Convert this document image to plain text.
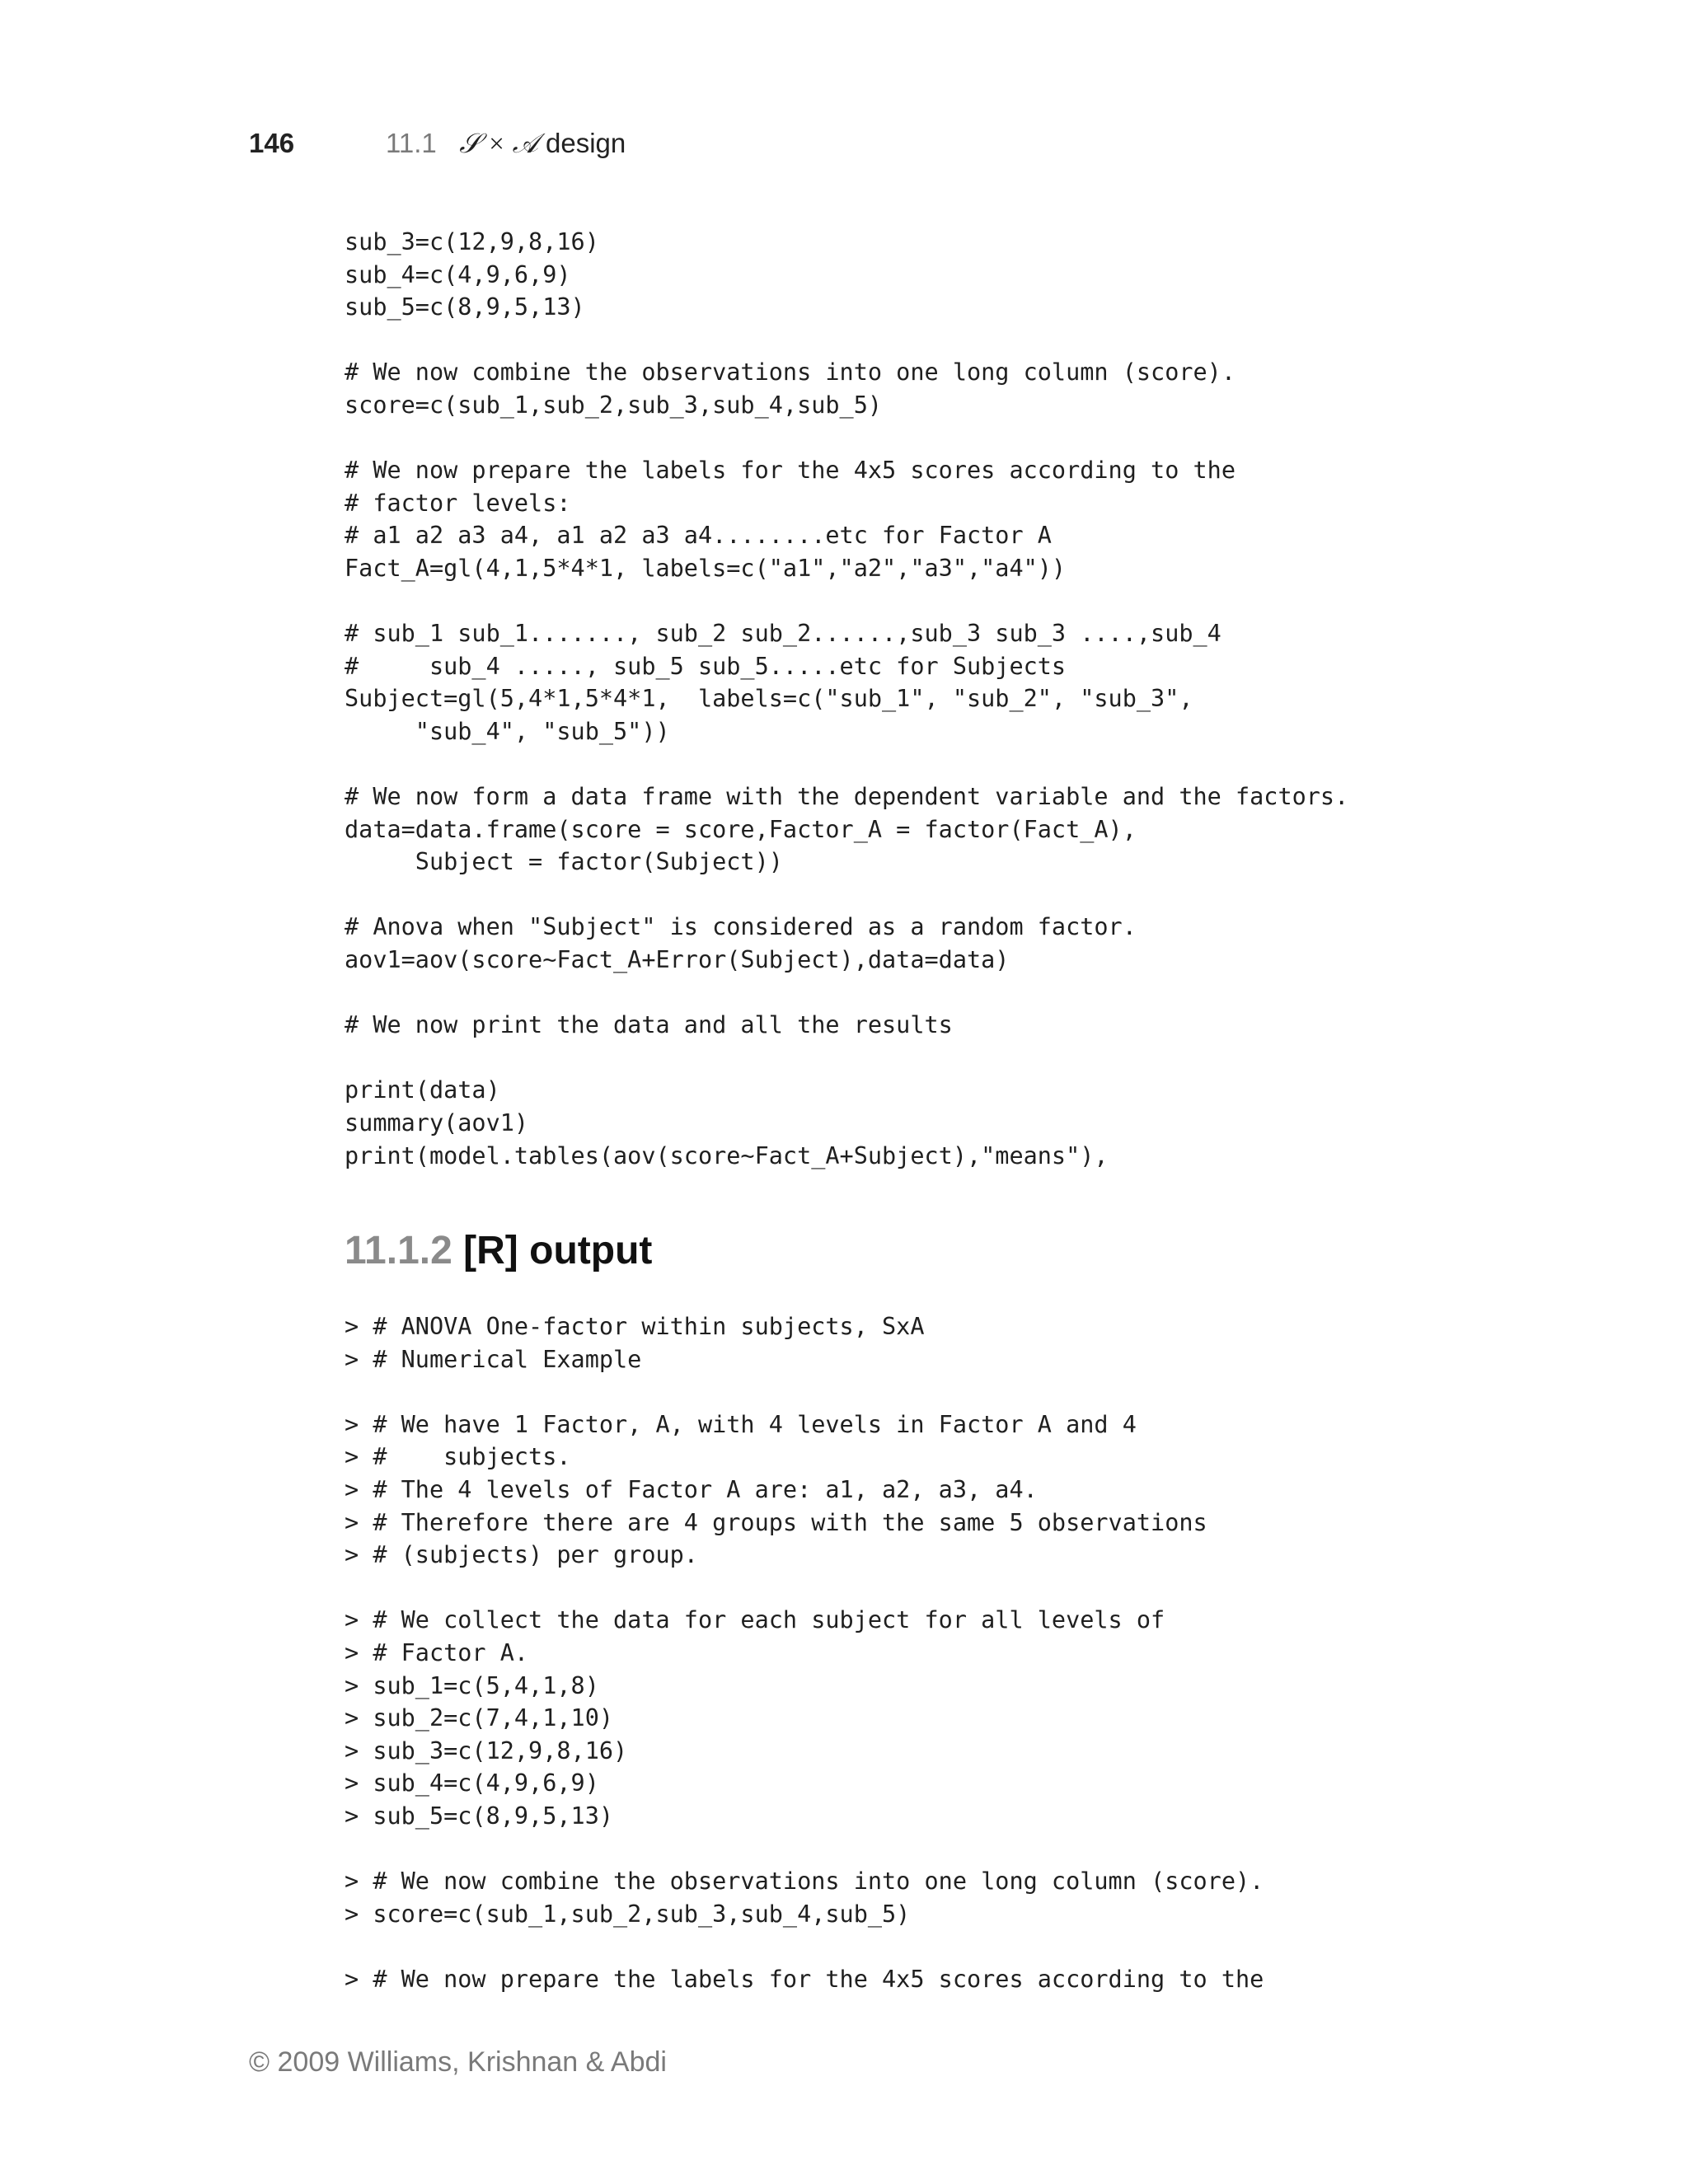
146	11.1 𝒮 × 𝒜 design
sub_3=c(12,9,8,16)
sub_4=c(4,9,6,9)
sub_5=c(8,9,5,13)
# We now combine the observations into one long column (score).
score=c(sub_1,sub_2,sub_3,sub_4,sub_5)
# We now prepare the labels for the 4x5 scores according to the
# factor levels:
# a1 a2 a3 a4, a1 a2 a3 a4........etc for Factor A
Fact_A=gl(4,1,5*4*1, labels=c("a1","a2","a3","a4"))
# sub_1 sub_1......., sub_2 sub_2......,sub_3 sub_3 ....,sub_4
#     sub_4 ....., sub_5 sub_5.....etc for Subjects
Subject=gl(5,4*1,5*4*1,  labels=c("sub_1", "sub_2", "sub_3",
"sub_4", "sub_5"))
# We now form a data frame with the dependent variable and the factors.
data=data.frame(score = score,Factor_A = factor(Fact_A),
Subject = factor(Subject))
# Anova when "Subject" is considered as a random factor.
aov1=aov(score~Fact_A+Error(Subject),data=data)
# We now print the data and all the results
print(data)
summary(aov1)
print(model.tables(aov(score~Fact_A+Subject),"means"),
11.1.2 [R] output
> # ANOVA One-factor within subjects, SxA
> # Numerical Example
> # We have 1 Factor, A, with 4 levels in Factor A and 4
> #    subjects.
> # The 4 levels of Factor A are: a1, a2, a3, a4.
> # Therefore there are 4 groups with the same 5 observations
> # (subjects) per group.
> # We collect the data for each subject for all levels of
> # Factor A.
> sub_1=c(5,4,1,8)
> sub_2=c(7,4,1,10)
> sub_3=c(12,9,8,16)
> sub_4=c(4,9,6,9)
> sub_5=c(8,9,5,13)
> # We now combine the observations into one long column (score).
> score=c(sub_1,sub_2,sub_3,sub_4,sub_5)
> # We now prepare the labels for the 4x5 scores according to the
© 2009 Williams, Krishnan & Abdi
